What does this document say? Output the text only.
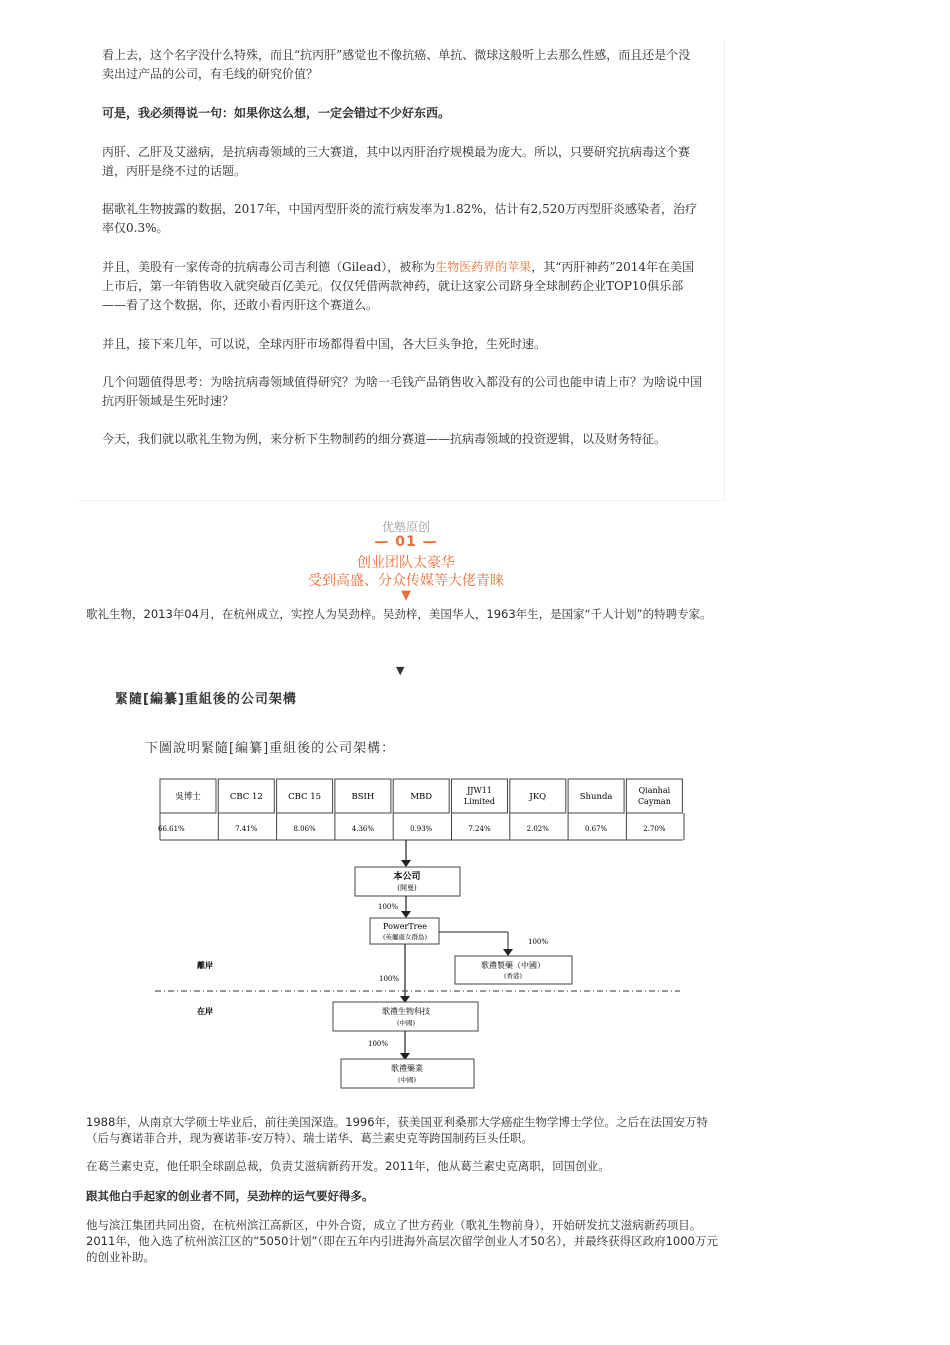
看上去，这个名字没什么特殊，而且“抗丙肝”感觉也不像抗癌、单抗、微球这般听上去那么性感，而且还是个没卖出过产品的公司，有毛线的研究价值？

可是，我必须得说一句：如果你这么想，一定会错过不少好东西。

丙肝、乙肝及艾滋病，是抗病毒领域的三大赛道，其中以丙肝治疗规模最为庞大。所以，只要研究抗病毒这个赛道，丙肝是绕不过的话题。

据歌礼生物披露的数据，2017年，中国丙型肝炎的流行病发率为1.82%，估计有2,520万丙型肝炎感染者，治疗率仅0.3%。

并且，美股有一家传奇的抗病毒公司吉利德（Gilead），被称为生物医药界的苹果，其“丙肝神药”2014年在美国上市后，第一年销售收入就突破百亿美元。仅仅凭借两款神药，就让这家公司跻身全球制药企业TOP10俱乐部——看了这个数据，你，还敢小看丙肝这个赛道么。

并且，接下来几年，可以说，全球丙肝市场都得看中国，各大巨头争抢，生死时速。

几个问题值得思考：为啥抗病毒领域值得研究？为啥一毛钱产品销售收入都没有的公司也能申请上市？为啥说中国抗丙肝领域是生死时速？

今天，我们就以歌礼生物为例，来分析下生物制药的细分赛道——抗病毒领域的投资逻辑，以及财务特征。

优塾原创
— 01 —
创业团队太豪华
受到高盛、分众传媒等大佬青睐
▼

歌礼生物，2013年04月，在杭州成立，实控人为吴劲梓。吴劲梓，美国华人，1963年生，是国家“千人计划”的特聘专家。

▼
緊隨[編纂]重組後的公司架構
下圖說明緊隨[編纂]重組後的公司架構：
吳博士
66.61%
CBC 12
7.41%
CBC 15
8.06%
BSIH
4.36%
MBD
0.93%
JJW11
Limited
7.24%
JKQ
2.02%
Shunda
0.67%
Qianhai
Cayman
2.70%
本公司
(開曼)
100%
PowerTree
(英屬處女群島)
100%
歌禮製藥（中國）
(香港)
離岸
100%
在岸	歌禮生物科技
(中國)
100%
歌禮藥業
(中國)

1988年，从南京大学硕士毕业后，前往美国深造。1996年，获美国亚利桑那大学癌症生物学博士学位。之后在法国安万特（后与赛诺菲合并，现为赛诺菲-安万特）、瑞士诺华、葛兰素史克等跨国制药巨头任职。

在葛兰素史克，他任职全球副总裁，负责艾滋病新药开发。2011年，他从葛兰素史克离职，回国创业。

跟其他白手起家的创业者不同，吴劲梓的运气要好得多。

他与滨江集团共同出资，在杭州滨江高新区，中外合资，成立了世方药业（歌礼生物前身），开始研发抗艾滋病新药项目。2011年，他入选了杭州滨江区的“5050计划”（即在五年内引进海外高层次留学创业人才50名），并最终获得区政府1000万元的创业补助。
